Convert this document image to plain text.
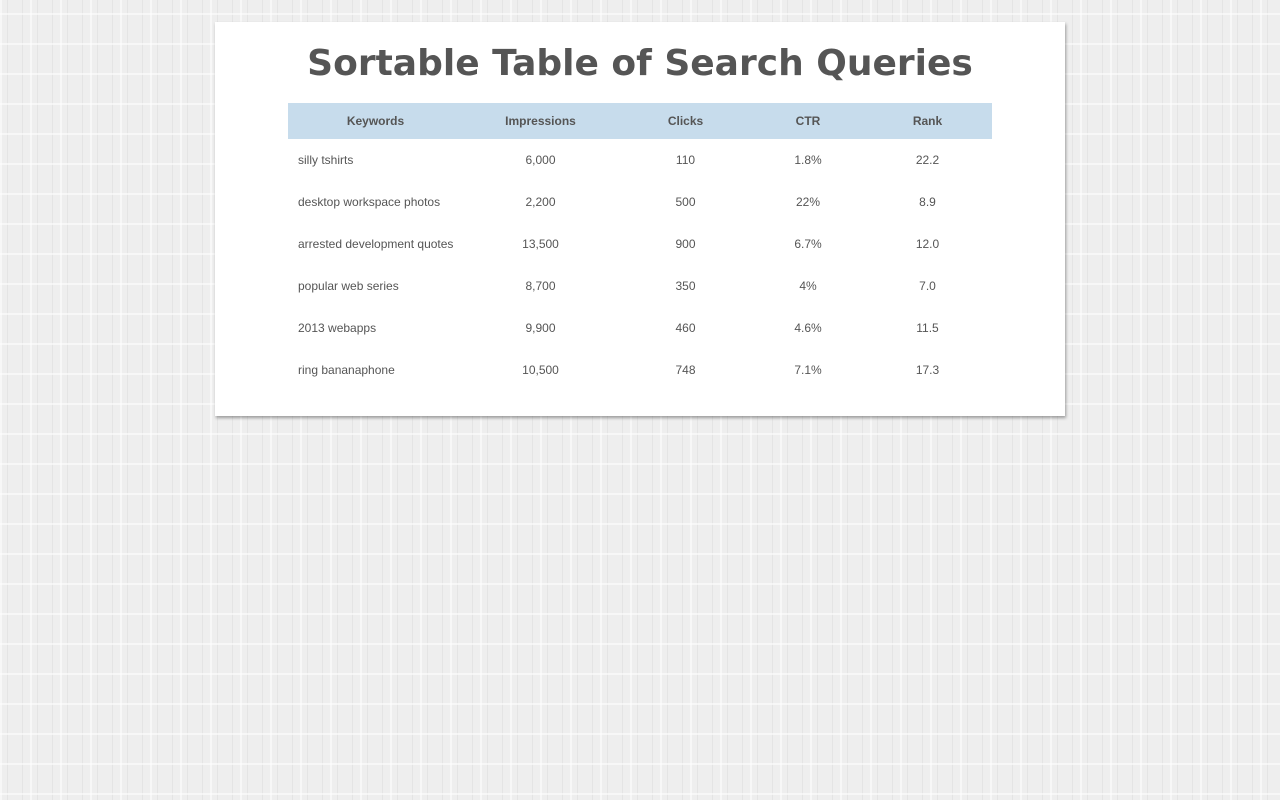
Sortable Table of Search Queries
Keywords	Impressions	Clicks	CTR	Rank
silly tshirts	6,000	110	1.8%	22.2
desktop workspace photos	2,200	500	22%	8.9
arrested development quotes	13,500	900	6.7%	12.0
popular web series	8,700	350	4%	7.0
2013 webapps	9,900	460	4.6%	11.5
ring bananaphone	10,500	748	7.1%	17.3
